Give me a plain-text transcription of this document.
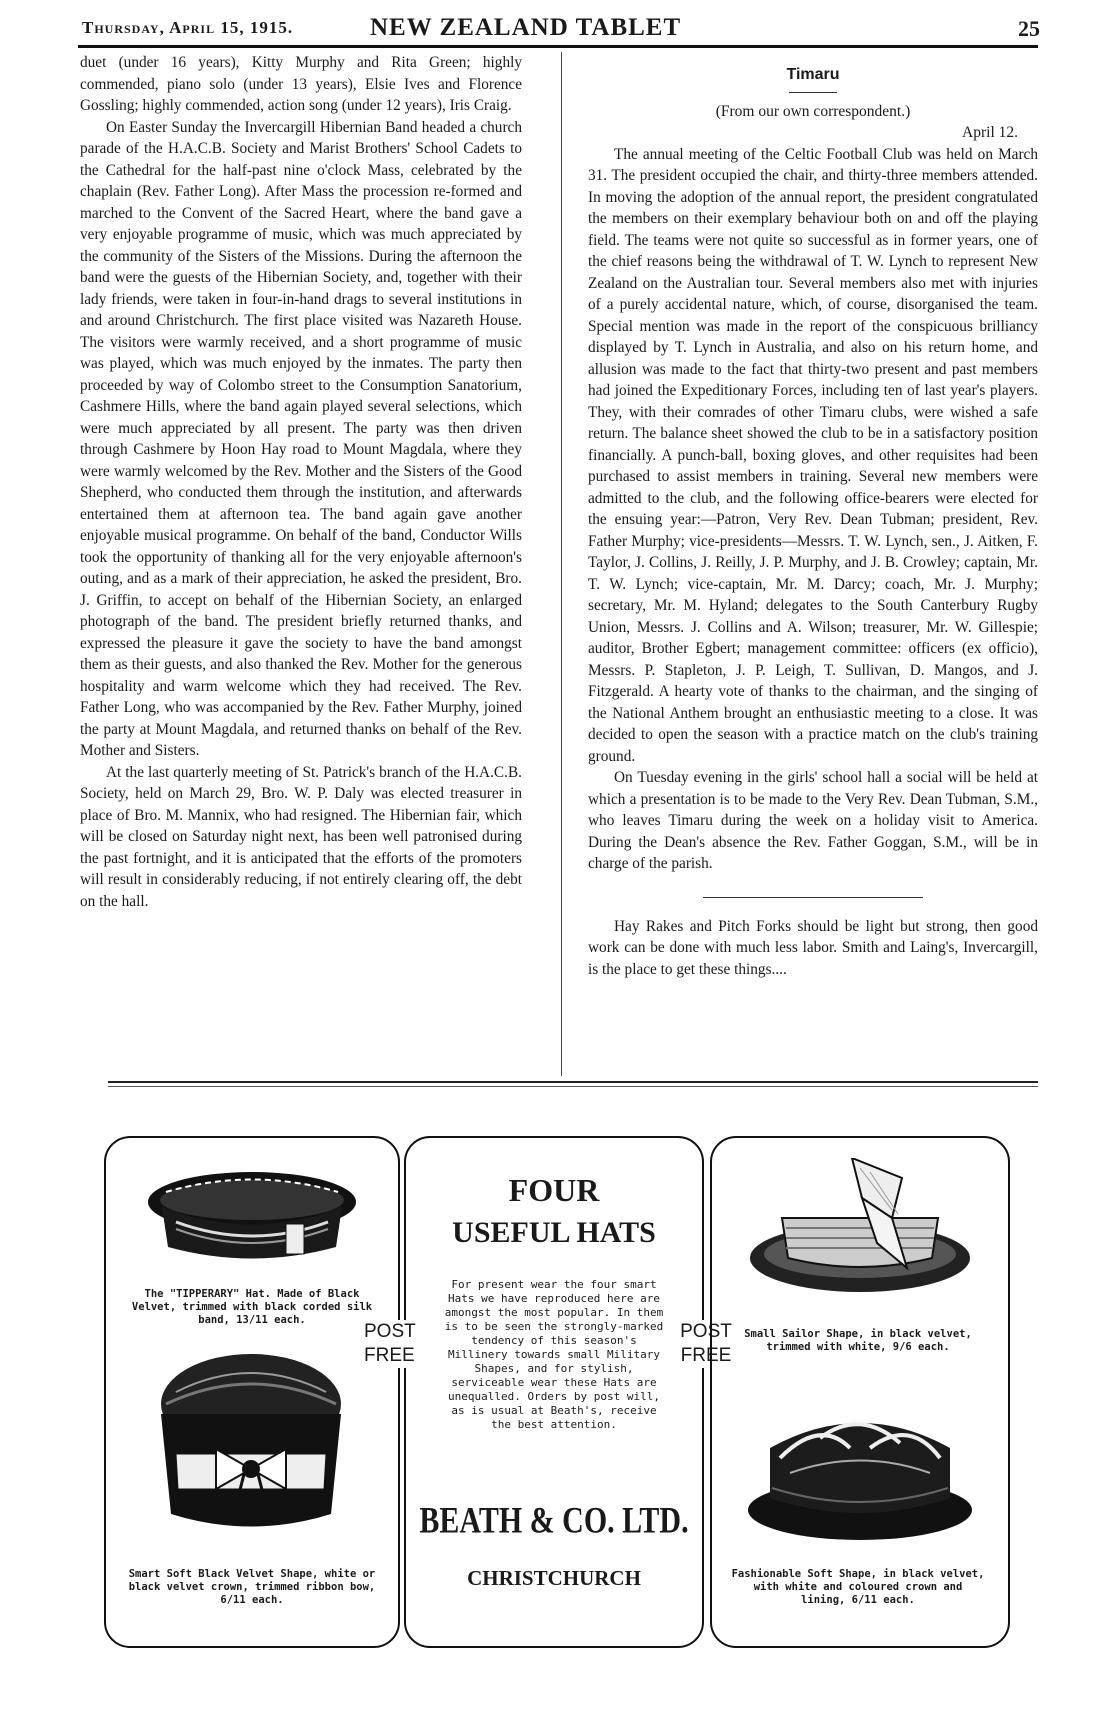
Thursday, April 15, 1915.	NEW ZEALAND TABLET	25

duet (under 16 years), Kitty Murphy and Rita Green; highly commended, piano solo (under 13 years), Elsie Ives and Florence Gossling; highly commended, action song (under 12 years), Iris Craig.

On Easter Sunday the Invercargill Hibernian Band headed a church parade of the H.A.C.B. Society and Marist Brothers' School Cadets to the Cathedral for the half-past nine o'clock Mass, celebrated by the chaplain (Rev. Father Long). After Mass the procession re-formed and marched to the Convent of the Sacred Heart, where the band gave a very enjoyable programme of music, which was much appreciated by the community of the Sisters of the Missions. During the afternoon the band were the guests of the Hibernian Society, and, together with their lady friends, were taken in four-in-hand drags to several institutions in and around Christchurch. The first place visited was Nazareth House. The visitors were warmly received, and a short programme of music was played, which was much enjoyed by the inmates. The party then proceeded by way of Colombo street to the Consumption Sanatorium, Cashmere Hills, where the band again played several selections, which were much appreciated by all present. The party was then driven through Cashmere by Hoon Hay road to Mount Magdala, where they were warmly welcomed by the Rev. Mother and the Sisters of the Good Shepherd, who conducted them through the institution, and afterwards entertained them at afternoon tea. The band again gave another enjoyable musical programme. On behalf of the band, Conductor Wills took the opportunity of thanking all for the very enjoyable afternoon's outing, and as a mark of their appreciation, he asked the president, Bro. J. Griffin, to accept on behalf of the Hibernian Society, an enlarged photograph of the band. The president briefly returned thanks, and expressed the pleasure it gave the society to have the band amongst them as their guests, and also thanked the Rev. Mother for the generous hospitality and warm welcome which they had received. The Rev. Father Long, who was accompanied by the Rev. Father Murphy, joined the party at Mount Magdala, and returned thanks on behalf of the Rev. Mother and Sisters.

At the last quarterly meeting of St. Patrick's branch of the H.A.C.B. Society, held on March 29, Bro. W. P. Daly was elected treasurer in place of Bro. M. Mannix, who had resigned. The Hibernian fair, which will be closed on Saturday night next, has been well patronised during the past fortnight, and it is anticipated that the efforts of the promoters will result in considerably reducing, if not entirely clearing off, the debt on the hall.

Timaru
(From our own correspondent.)
April 12.

The annual meeting of the Celtic Football Club was held on March 31. The president occupied the chair, and thirty-three members attended. In moving the adoption of the annual report, the president congratulated the members on their exemplary behaviour both on and off the playing field. The teams were not quite so successful as in former years, one of the chief reasons being the withdrawal of T. W. Lynch to represent New Zealand on the Australian tour. Several members also met with injuries of a purely accidental nature, which, of course, disorganised the team. Special mention was made in the report of the conspicuous brilliancy displayed by T. Lynch in Australia, and also on his return home, and allusion was made to the fact that thirty-two present and past members had joined the Expeditionary Forces, including ten of last year's players. They, with their comrades of other Timaru clubs, were wished a safe return. The balance sheet showed the club to be in a satisfactory position financially. A punch-ball, boxing gloves, and other requisites had been purchased to assist members in training. Several new members were admitted to the club, and the following office-bearers were elected for the ensuing year:—Patron, Very Rev. Dean Tubman; president, Rev. Father Murphy; vice-presidents—Messrs. T. W. Lynch, sen., J. Aitken, F. Taylor, J. Collins, J. Reilly, J. P. Murphy, and J. B. Crowley; captain, Mr. T. W. Lynch; vice-captain, Mr. M. Darcy; coach, Mr. J. Murphy; secretary, Mr. M. Hyland; delegates to the South Canterbury Rugby Union, Messrs. J. Collins and A. Wilson; treasurer, Mr. W. Gillespie; auditor, Brother Egbert; management committee: officers (ex officio), Messrs. P. Stapleton, J. P. Leigh, T. Sullivan, D. Mangos, and J. Fitzgerald. A hearty vote of thanks to the chairman, and the singing of the National Anthem brought an enthusiastic meeting to a close. It was decided to open the season with a practice match on the club's training ground.

On Tuesday evening in the girls' school hall a social will be held at which a presentation is to be made to the Very Rev. Dean Tubman, S.M., who leaves Timaru during the week on a holiday visit to America. During the Dean's absence the Rev. Father Goggan, S.M., will be in charge of the parish.

Hay Rakes and Pitch Forks should be light but strong, then good work can be done with much less labor. Smith and Laing's, Invercargill, is the place to get these things....

The "TIPPERARY" Hat. Made of Black Velvet, trimmed with black corded silk band, 13/11 each.
Smart Soft Black Velvet Shape, white or black velvet crown, trimmed ribbon bow, 6/11 each.
FOUR
USEFUL HATS
For present wear the four smart Hats we have reproduced here are amongst the most popular. In them is to be seen the strongly-marked tendency of this season's Millinery towards small Military Shapes, and for stylish, serviceable wear these Hats are unequalled. Orders by post will, as is usual at Beath's, receive the best attention.
BEATH & CO. LTD.
CHRISTCHURCH
POST
FREE
POST
FREE
Small Sailor Shape, in black velvet, trimmed with white, 9/6 each.
Fashionable Soft Shape, in black velvet, with white and coloured crown and lining, 6/11 each.
